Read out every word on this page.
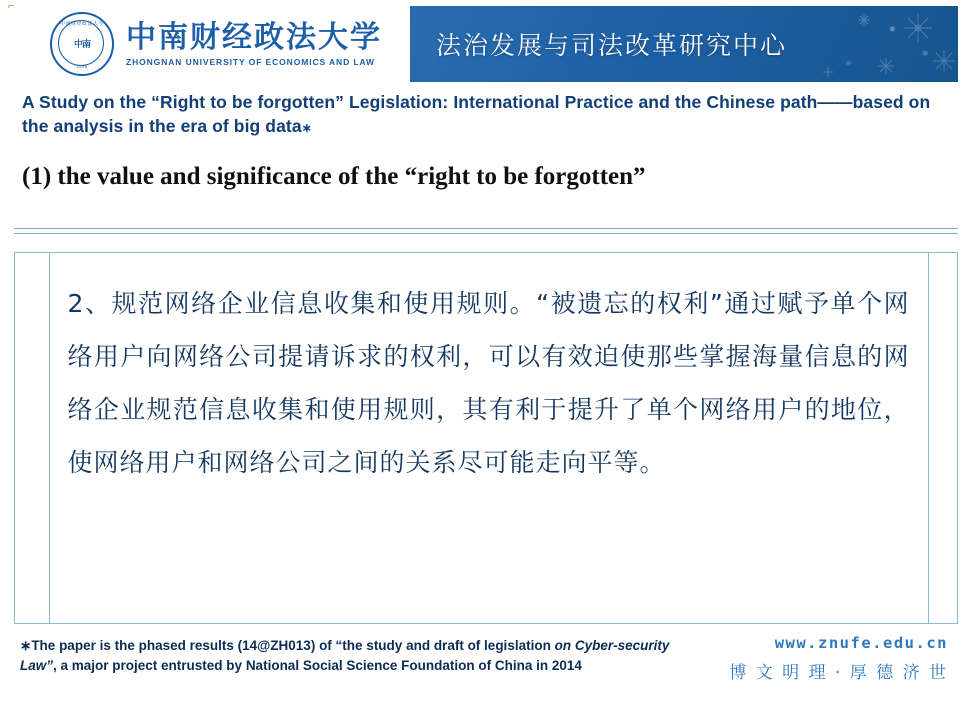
⌐
中南财经政法大学
中南
1948
中南财经政法大学
ZHONGNAN UNIVERSITY OF ECONOMICS AND LAW
法治发展与司法改革研究中心
A Study on the “Right to be forgotten” Legislation: International Practice and the Chinese path——based on the analysis in the era of big data∗
(1) the value and significance of the “right to be forgotten”
2、规范网络企业信息收集和使用规则。“被遗忘的权利”通过赋予单个网络用户向网络公司提请诉求的权利，可以有效迫使那些掌握海量信息的网络企业规范信息收集和使用规则，其有利于提升了单个网络用户的地位，使网络用户和网络公司之间的关系尽可能走向平等。
∗The paper is the phased results (14@ZH013) of “the study and draft of legislation on Cyber-security Law”, a major project entrusted by National Social Science Foundation of China in 2014
www.znufe.edu.cn
博 文 明 理 · 厚 德 济 世
